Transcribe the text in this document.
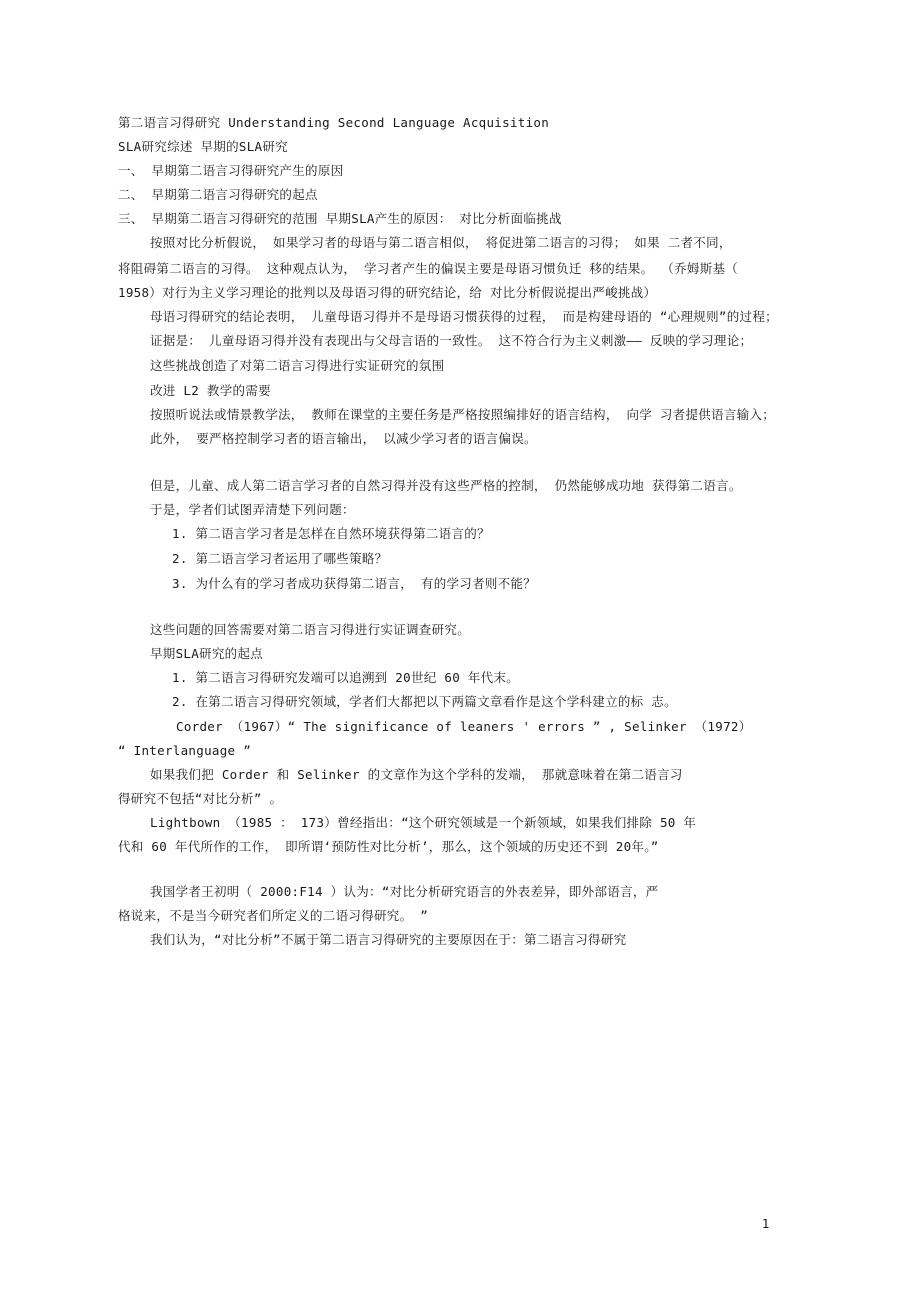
第二语言习得研究 Understanding Second Language Acquisition
SLA研究综述 早期的SLA研究
一、 早期第二语言习得研究产生的原因
二、 早期第二语言习得研究的起点
三、 早期第二语言习得研究的范围 早期SLA产生的原因： 对比分析面临挑战
按照对比分析假说， 如果学习者的母语与第二语言相似， 将促进第二语言的习得； 如果 二者不同，
将阻碍第二语言的习得。 这种观点认为， 学习者产生的偏误主要是母语习惯负迁 移的结果。 （乔姆斯基（
1958）对行为主义学习理论的批判以及母语习得的研究结论，给 对比分析假说提出严峻挑战）
母语习得研究的结论表明， 儿童母语习得并不是母语习惯获得的过程， 而是构建母语的 “心理规则”的过程；
证据是： 儿童母语习得并没有表现出与父母言语的一致性。 这不符合行为主义刺激—— 反映的学习理论；
这些挑战创造了对第二语言习得进行实证研究的氛围
改进 L2 教学的需要
按照听说法或情景教学法， 教师在课堂的主要任务是严格按照编排好的语言结构， 向学 习者提供语言输入；
此外， 要严格控制学习者的语言输出， 以减少学习者的语言偏误。
但是，儿童、成人第二语言学习者的自然习得并没有这些严格的控制， 仍然能够成功地 获得第二语言。
于是，学者们试图弄清楚下列问题：
1. 第二语言学习者是怎样在自然环境获得第二语言的？
2. 第二语言学习者运用了哪些策略？
3. 为什么有的学习者成功获得第二语言， 有的学习者则不能？
这些问题的回答需要对第二语言习得进行实证调查研究。
早期SLA研究的起点
1. 第二语言习得研究发端可以追溯到 20世纪 60 年代末。
2. 在第二语言习得研究领域，学者们大都把以下两篇文章看作是这个学科建立的标 志。
Corder （1967）“ The significance of leaners ' errors ” , Selinker （1972）
“ Interlanguage ”
如果我们把 Corder 和 Selinker 的文章作为这个学科的发端， 那就意味着在第二语言习
得研究不包括“对比分析” 。
Lightbown （1985 ： 173）曾经指出：“这个研究领域是一个新领域，如果我们排除 50 年
代和 60 年代所作的工作， 即所谓‘预防性对比分析’，那么，这个领域的历史还不到 20年。”
我国学者王初明（ 2000:F14 ）认为：“对比分析研究语言的外表差异，即外部语言，严
格说来，不是当今研究者们所定义的二语习得研究。 ”
我们认为，“对比分析”不属于第二语言习得研究的主要原因在于：第二语言习得研究
1
